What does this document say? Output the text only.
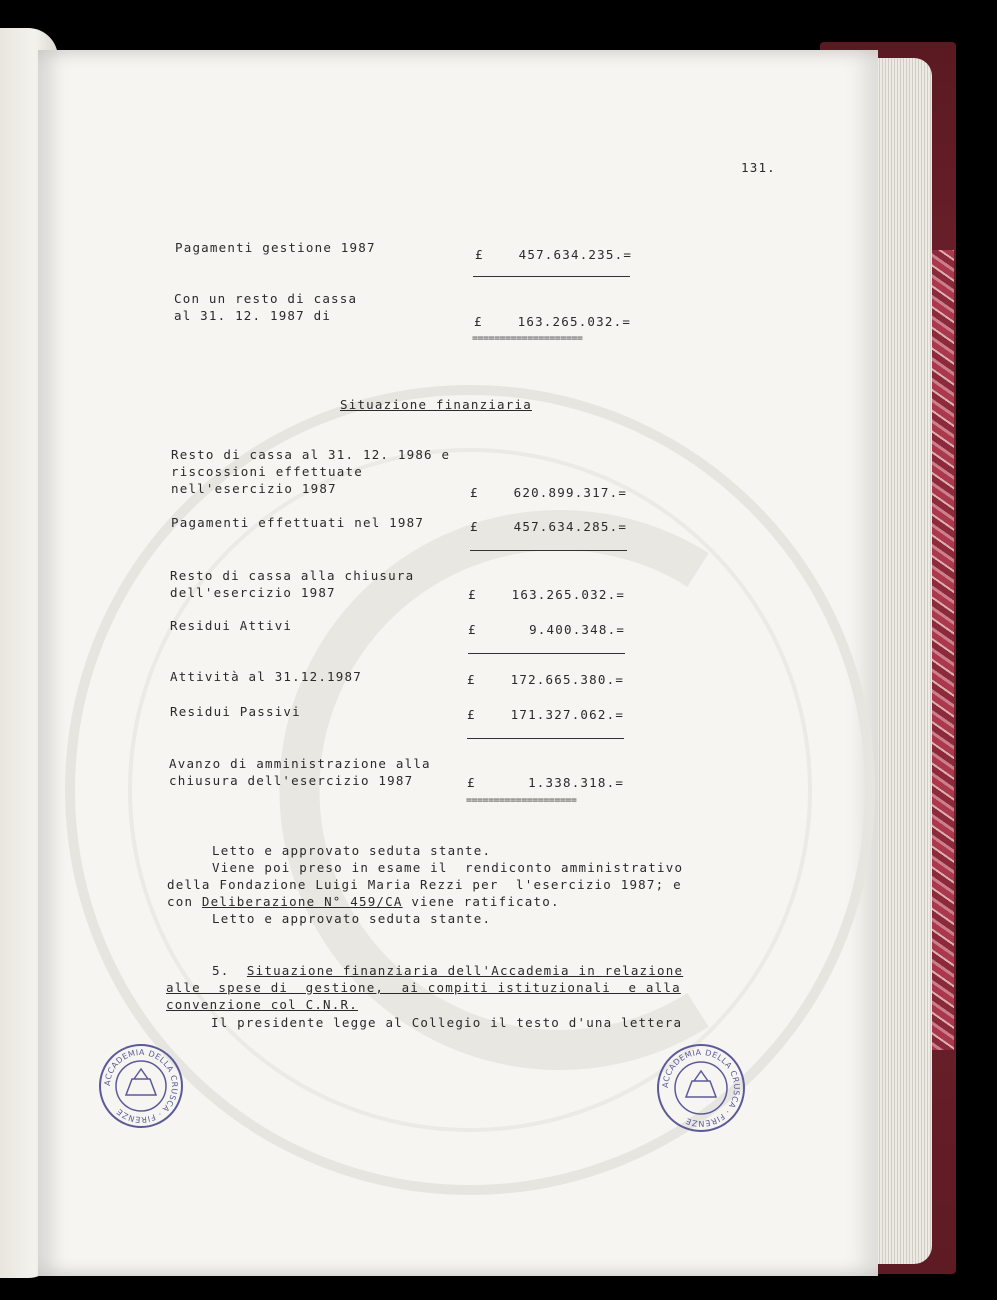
131.
Pagamenti gestione 1987	£    457.634.235.=
Con un resto di cassa
al 31. 12. 1987 di	£    163.265.032.=
====================
Situazione finanziaria
Resto di cassa al 31. 12. 1986 e
riscossioni effettuate
nell'esercizio 1987	£    620.899.317.=
Pagamenti effettuati nel 1987	£    457.634.285.=
Resto di cassa alla chiusura
dell'esercizio 1987	£    163.265.032.=
Residui Attivi	£      9.400.348.=
Attività al 31.12.1987	£    172.665.380.=
Residui Passivi	£    171.327.062.=
Avanzo di amministrazione alla
chiusura dell'esercizio 1987	£      1.338.318.=
====================
Letto e approvato seduta stante.
Viene poi preso in esame il  rendiconto amministrativo
della Fondazione Luigi Maria Rezzi per  l'esercizio 1987; e
con Deliberazione N° 459/CA viene ratificato.
Letto e approvato seduta stante.
5. Situazione finanziaria dell'Accademia in relazione
alle  spese di  gestione,  ai compiti istituzionali  e alla
convenzione col C.N.R.
Il presidente legge al Collegio il testo d'una lettera
ACCADEMIA DELLA CRUSCA · FIRENZE
ACCADEMIA DELLA CRUSCA · FIRENZE
